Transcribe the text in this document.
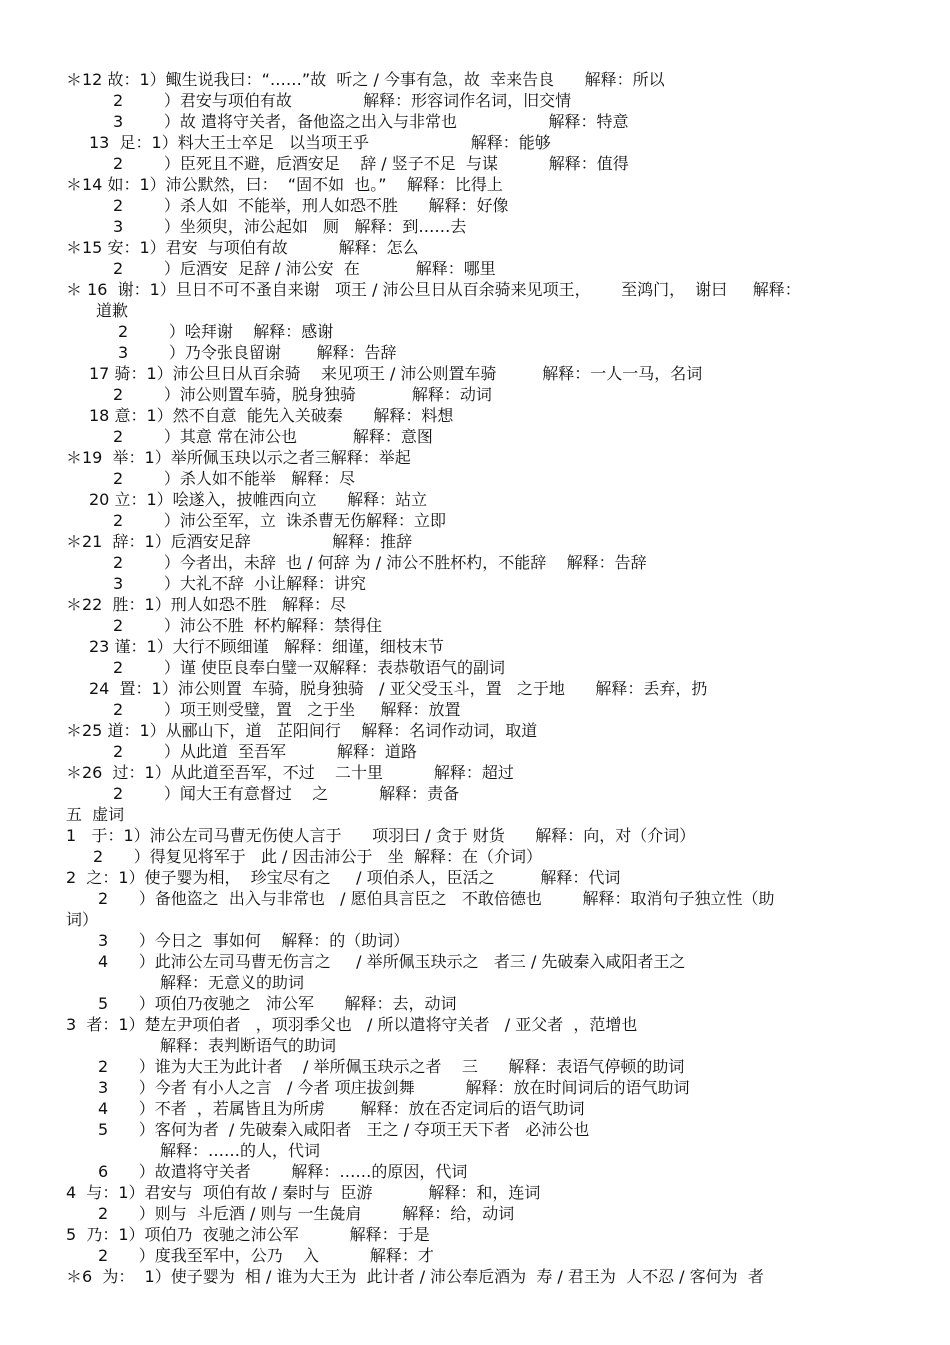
＊12 故：1）鲰生说我曰：“……”故  听之 / 今事有急，故  幸来告良      解释：所以
2        ）君安与项伯有故              解释：形容词作名词，旧交情
3        ）故 遣将守关者，备他盗之出入与非常也                  解释：特意
13  足：1）料大王士卒足   以当项王乎                    解释：能够
2        ）臣死且不避，卮酒安足    辞 / 竖子不足  与谋          解释：值得
＊14 如：1）沛公默然，曰：  “固不如  也。”    解释：比得上
2        ）杀人如  不能举，刑人如恐不胜      解释：好像
3        ）坐须臾，沛公起如   厕   解释：到……去
＊15 安：1）君安  与项伯有故          解释：怎么
2        ）卮酒安  足辞 / 沛公安  在           解释：哪里
＊ 16  谢：1）旦日不可不蚤自来谢   项王 / 沛公旦日从百余骑来见项王，      至鸿门，  谢曰     解释：
道歉
2        ）哙拜谢    解释：感谢
3        ）乃令张良留谢       解释：告辞
17 骑：1）沛公旦日从百余骑    来见项王 / 沛公则置车骑         解释：一人一马，名词
2        ）沛公则置车骑，脱身独骑           解释：动词
18 意：1）然不自意  能先入关破秦      解释：料想
2        ）其意 常在沛公也           解释：意图
＊19  举：1）举所佩玉玦以示之者三解释：举起
2        ）杀人如不能举   解释：尽
20 立：1）哙遂入，披帷西向立      解释：站立
2        ）沛公至军，立  诛杀曹无伤解释：立即
＊21  辞：1）卮酒安足辞                解释：推辞
2        ）今者出，未辞  也 / 何辞 为 / 沛公不胜杯杓，不能辞    解释：告辞
3        ）大礼不辞  小让解释：讲究
＊22  胜：1）刑人如恐不胜   解释：尽
2        ）沛公不胜  杯杓解释：禁得住
23 谨：1）大行不顾细谨   解释：细谨，细枝末节
2        ）谨 使臣良奉白璧一双解释：表恭敬语气的副词
24  置：1）沛公则置  车骑，脱身独骑   / 亚父受玉斗，置   之于地      解释：丢弃，扔
2        ）项王则受璧，置   之于坐     解释：放置
＊25 道：1）从郦山下，道   芷阳间行    解释：名词作动词，取道
2        ）从此道  至吾军          解释：道路
＊26  过：1）从此道至吾军，不过    二十里          解释：超过
2        ）闻大王有意督过    之          解释：责备
五  虚词
1   于：1）沛公左司马曹无伤使人言于      项羽曰 / 贪于 财货      解释：向，对（介词）
2      ）得复见将军于   此 / 因击沛公于   坐  解释：在（介词）
2  之：1）使子婴为相，  珍宝尽有之     / 项伯杀人，臣活之         解释：代词
2      ）备他盗之  出入与非常也   / 愿伯具言臣之   不敢倍德也        解释：取消句子独立性（助
词）
3      ）今日之  事如何    解释：的（助词）
4      ）此沛公左司马曹无伤言之     / 举所佩玉玦示之   者三 / 先破秦入咸阳者王之
解释：无意义的助词
5      ）项伯乃夜驰之   沛公军      解释：去，动词
3  者：1）楚左尹项伯者   ，项羽季父也   / 所以遣将守关者   / 亚父者  ，范增也
解释：表判断语气的助词
2      ）谁为大王为此计者    / 举所佩玉玦示之者    三      解释：表语气停顿的助词
3      ）今者 有小人之言   / 今者 项庄拔剑舞          解释：放在时间词后的语气助词
4      ）不者  ，若属皆且为所虏       解释：放在否定词后的语气助词
5      ）客何为者  / 先破秦入咸阳者   王之 / 夺项王天下者   必沛公也
解释：……的人，代词
6      ）故遣将守关者        解释：……的原因，代词
4  与：1）君安与  项伯有故 / 秦时与  臣游           解释：和，连词
2      ）则与  斗卮酒 / 则与 一生彘肩        解释：给，动词
5  乃：1）项伯乃  夜驰之沛公军          解释：于是
2      ）度我至军中，公乃    入          解释：才
＊6  为：  1）使子婴为  相 / 谁为大王为  此计者 / 沛公奉卮酒为  寿 / 君王为  人不忍 / 客何为  者
